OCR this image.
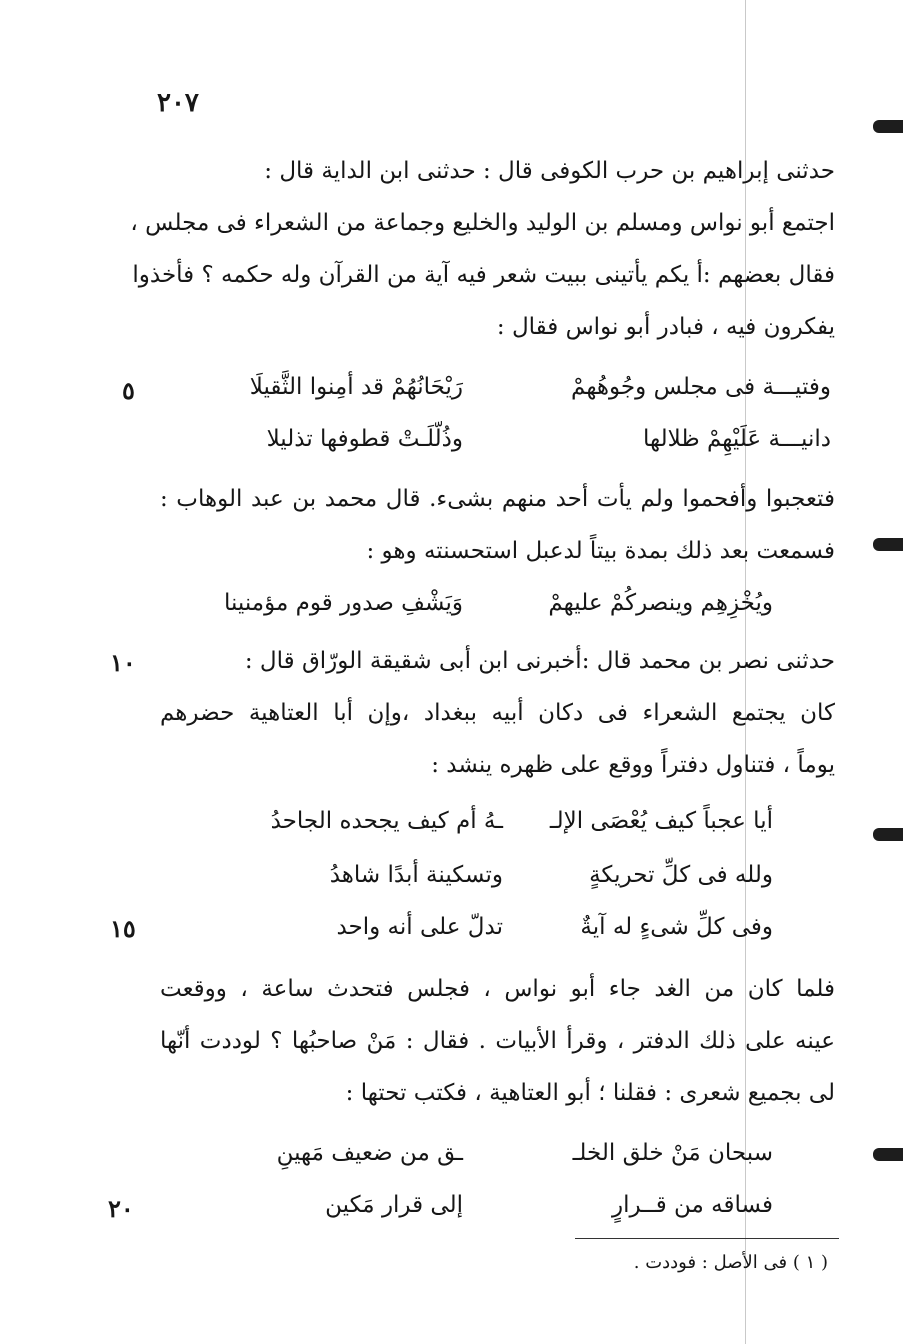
٢٠٧
٥
١٠
١٥
٢٠
حدثنى إبراهيم بن حرب الكوفى قال : حدثنى ابن الداية قال :
اجتمع أبو نواس ومسلم بن الوليد والخليع وجماعة من الشعراء فى مجلس ،
فقال بعضهم :أ يكم يأتينى ببيت شعر فيه آية من القرآن وله حكمه ؟ فأخذوا
يفكرون فيه ، فبادر أبو نواس فقال :
وفتيـــة فى مجلس وجُوهُهمْ
رَيْحَانُهُمْ قد أمِنوا الثَّقيلَا
دانيـــة عَلَيْهِمْ ظلالها
وذُلّلَـتْ قطوفها تذليلا
فتعجبوا وأفحموا ولم يأت أحد منهم بشىء. قال محمد بن عبد الوهاب :
فسمعت بعد ذلك بمدة بيتاً لدعبل استحسنته وهو :
ويُخْزِهِم وينصركُمْ عليهمْ
وَيَشْفِ صدور قوم مؤمنينا
حدثنى نصر بن محمد قال :أخبرنى ابن أبى شقيقة الورّاق قال :
كان يجتمع الشعراء فى دكان أبيه ببغداد ،وإن أبا العتاهية حضرهم
يوماً ، فتناول دفتراً ووقع على ظهره ينشد :
أيا عجباً كيف يُعْصَى الإلـ
ـهُ أم كيف يجحده الجاحدُ
ولله فى كلِّ تحريكةٍ
وتسكينة أبدًا شاهدُ
وفى كلِّ شىءٍ له آيةٌ
تدلّ على أنه واحد
فلما كان من الغد جاء أبو نواس ، فجلس فتحدث ساعة ، ووقعت
عينه على ذلك الدفتر ، وقرأ الأبيات . فقال : مَنْ صاحبُها ؟ لوددت أنّها
لى بجميع شعرى : فقلنا ؛ أبو العتاهية ، فكتب تحتها :
سبحان مَنْ خلق الخلـ
ـق من ضعيف مَهينِ
فساقه من قــرارٍ
إلى قرار مَكين
( ١ ) فى الأصل : فوددت .
